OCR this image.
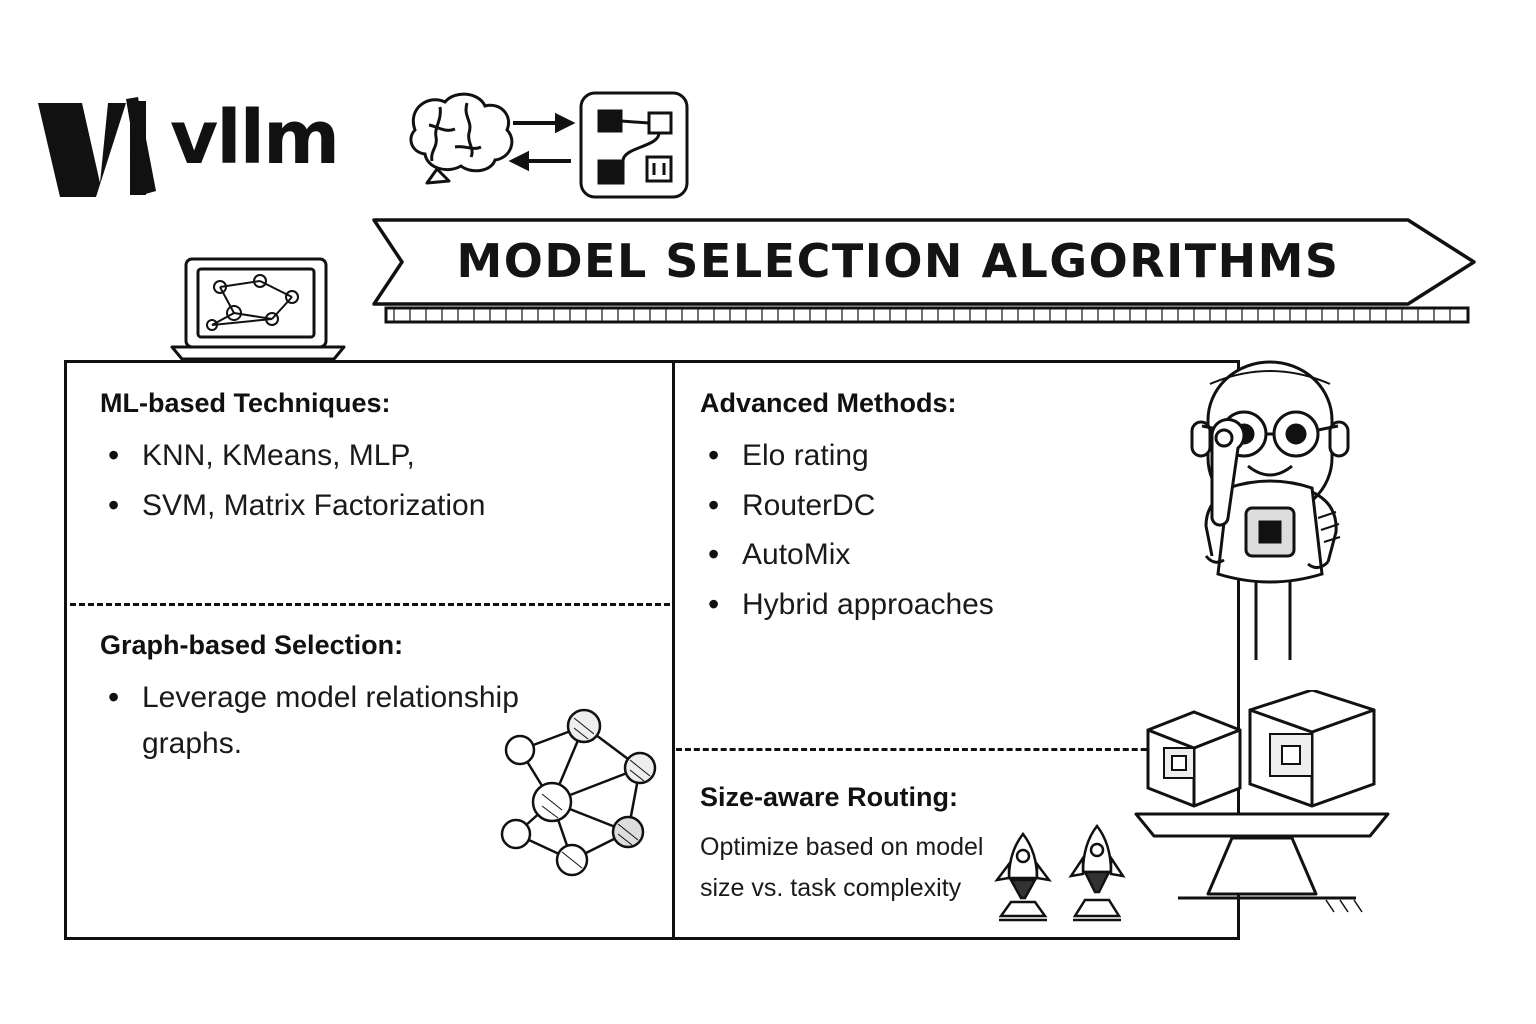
vllm
MODEL SELECTION ALGORITHMS
ML-based Techniques:
• KNN, KMeans, MLP,
• SVM, Matrix Factorization
Graph-based Selection:
• Leverage model relationship graphs.
Advanced Methods:
• Elo rating
• RouterDC
• AutoMix
• Hybrid approaches
Size-aware Routing:
Optimize based on model size vs. task complexity
